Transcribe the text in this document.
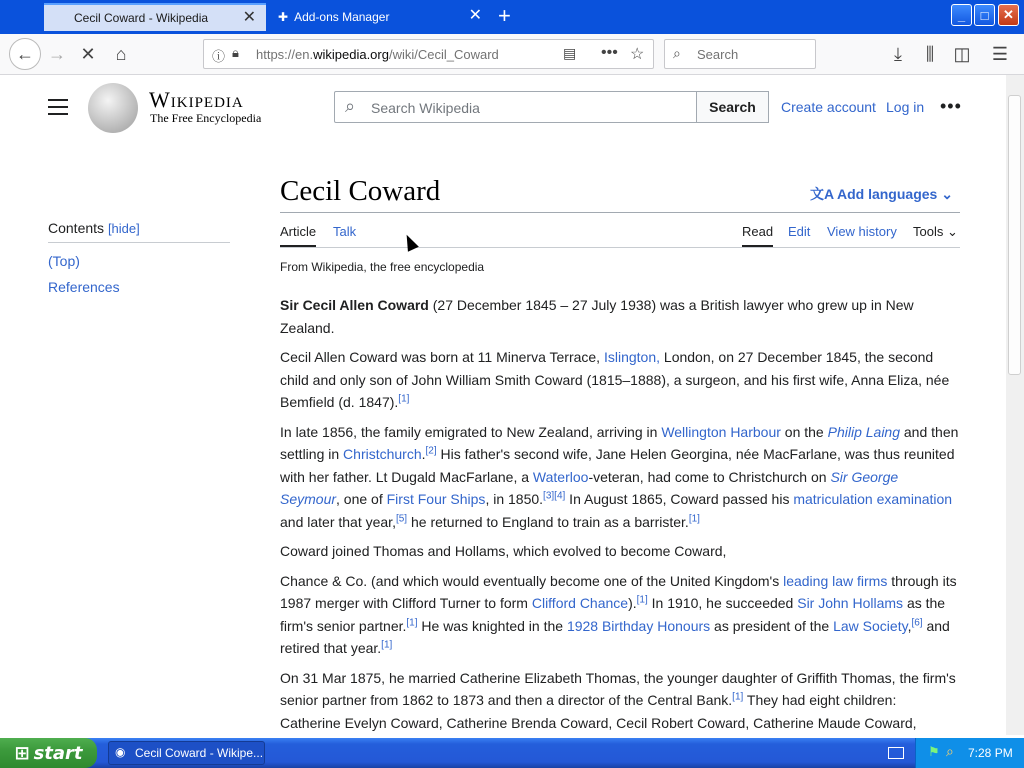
Cecil Coward - Wikipedia ✕ ✚ Add-ons Manager	✕ +	_	□	✕
← → ✕	⌂	ⓘ 🔒︎ https://en.wikipedia.org/wiki/Cecil_Coward	▤ ••• ☆ ⌕ Search	⤓	⫼	◫	☰
Wikipedia
The Free Encyclopedia
⌕ Search Wikipedia	Search	Create account Log in •••
Contents [hide]
(Top)
References
Cecil Coward	文A Add languages ⌄
Article Talk	Read Edit View history Tools ⌄
From Wikipedia, the free encyclopedia

Sir Cecil Allen Coward (27 December 1845 – 27 July 1938) was a British lawyer who grew up in New Zealand.

Cecil Allen Coward was born at 11 Minerva Terrace, Islington, London, on 27 December 1845, the second child and only son of John William Smith Coward (1815–1888), a surgeon, and his first wife, Anna Eliza, née Bemfield (d. 1847).[1]

In late 1856, the family emigrated to New Zealand, arriving in Wellington Harbour on the Philip Laing and then settling in Christchurch.[2] His father's second wife, Jane Helen Georgina, née MacFarlane, was thus reunited with her father. Lt Dugald MacFarlane, a Waterloo-veteran, had come to Christchurch on Sir George Seymour, one of First Four Ships, in 1850.[3][4] In August 1865, Coward passed his matriculation examination and later that year,[5] he returned to England to train as a barrister.[1]

Coward joined Thomas and Hollams, which evolved to become Coward,

Chance & Co. (and which would eventually become one of the United Kingdom's leading law firms through its 1987 merger with Clifford Turner to form Clifford Chance).[1] In 1910, he succeeded Sir John Hollams as the firm's senior partner.[1] He was knighted in the 1928 Birthday Honours as president of the Law Society,[6] and retired that year.[1]

On 31 Mar 1875, he married Catherine Elizabeth Thomas, the younger daughter of Griffith Thomas, the firm's senior partner from 1862 to 1873 and then a director of the Central Bank.[1] They had eight children: Catherine Evelyn Coward, Catherine Brenda Coward, Cecil Robert Coward, Catherine Maude Coward,

⊞ start	◉ Cecil Coward - Wikipe...	⚑ ⌕ 7:28 PM
